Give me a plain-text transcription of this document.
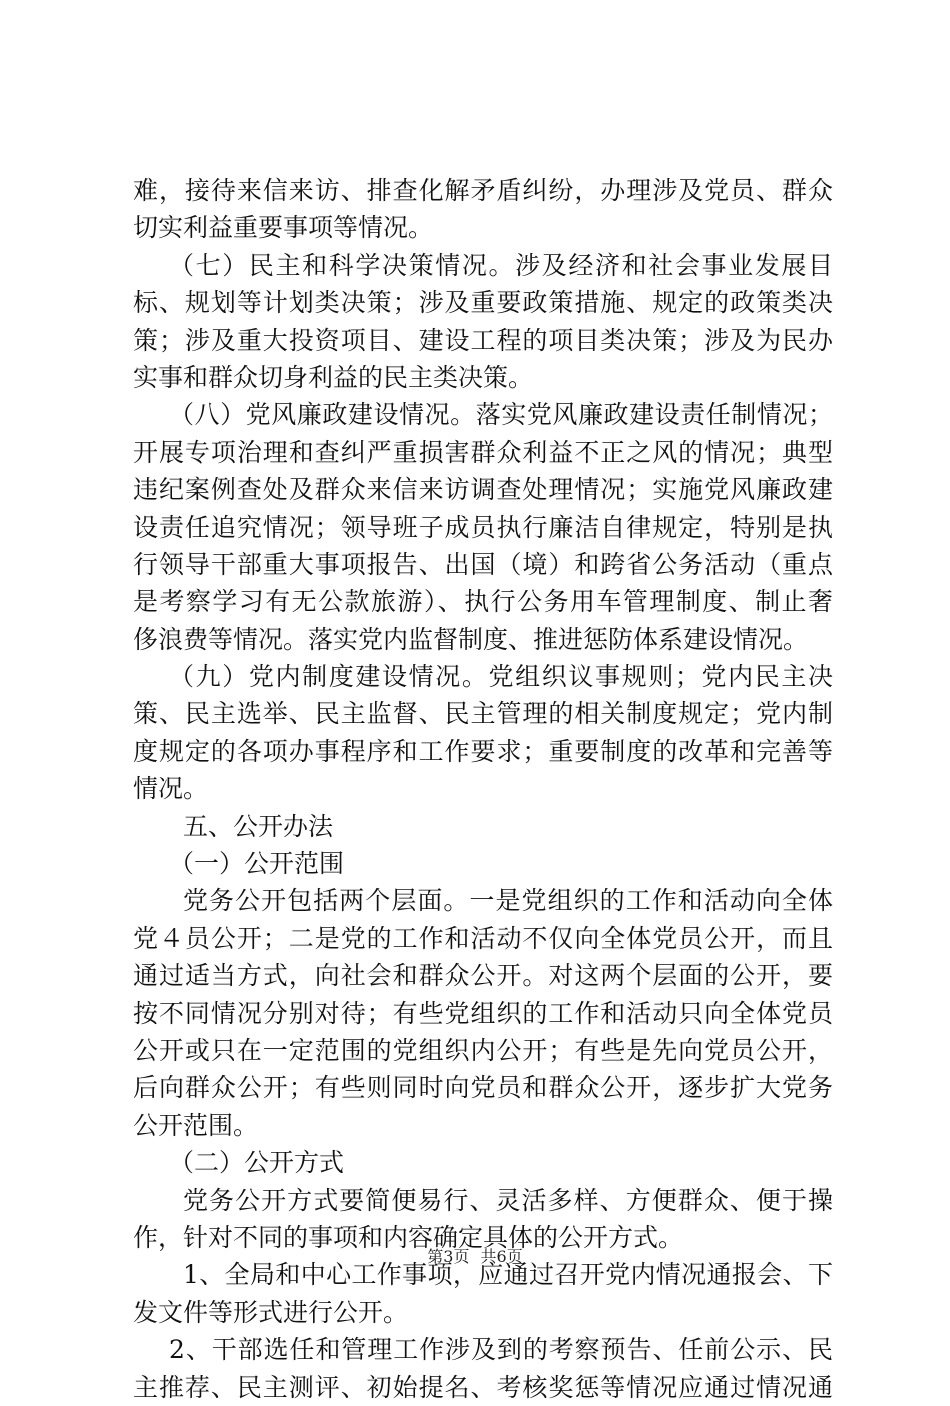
难，接待来信来访、排查化解矛盾纠纷，办理涉及党员、群众
切实利益重要事项等情况。
（七）民主和科学决策情况。涉及经济和社会事业发展目
标、规划等计划类决策；涉及重要政策措施、规定的政策类决
策；涉及重大投资项目、建设工程的项目类决策；涉及为民办
实事和群众切身利益的民主类决策。
（八）党风廉政建设情况。落实党风廉政建设责任制情况；
开展专项治理和查纠严重损害群众利益不正之风的情况；典型
违纪案例查处及群众来信来访调查处理情况；实施党风廉政建
设责任追究情况；领导班子成员执行廉洁自律规定，特别是执
行领导干部重大事项报告、出国（境）和跨省公务活动（重点
是考察学习有无公款旅游）、执行公务用车管理制度、制止奢
侈浪费等情况。落实党内监督制度、推进惩防体系建设情况。
（九）党内制度建设情况。党组织议事规则；党内民主决
策、民主选举、民主监督、民主管理的相关制度规定；党内制
度规定的各项办事程序和工作要求；重要制度的改革和完善等
情况。
五、公开办法
（一）公开范围
党务公开包括两个层面。一是党组织的工作和活动向全体
党４员公开；二是党的工作和活动不仅向全体党员公开，而且
通过适当方式，向社会和群众公开。对这两个层面的公开，要
按不同情况分别对待；有些党组织的工作和活动只向全体党员
公开或只在一定范围的党组织内公开；有些是先向党员公开，
后向群众公开；有些则同时向党员和群众公开，逐步扩大党务
公开范围。
（二）公开方式
党务公开方式要简便易行、灵活多样、方便群众、便于操
作，针对不同的事项和内容确定具体的公开方式。
1、全局和中心工作事项，应通过召开党内情况通报会、下
发文件等形式进行公开。
2、干部选任和管理工作涉及到的考察预告、任前公示、民
主推荐、民主测评、初始提名、考核奖惩等情况应通过情况通
第3页 共6页
